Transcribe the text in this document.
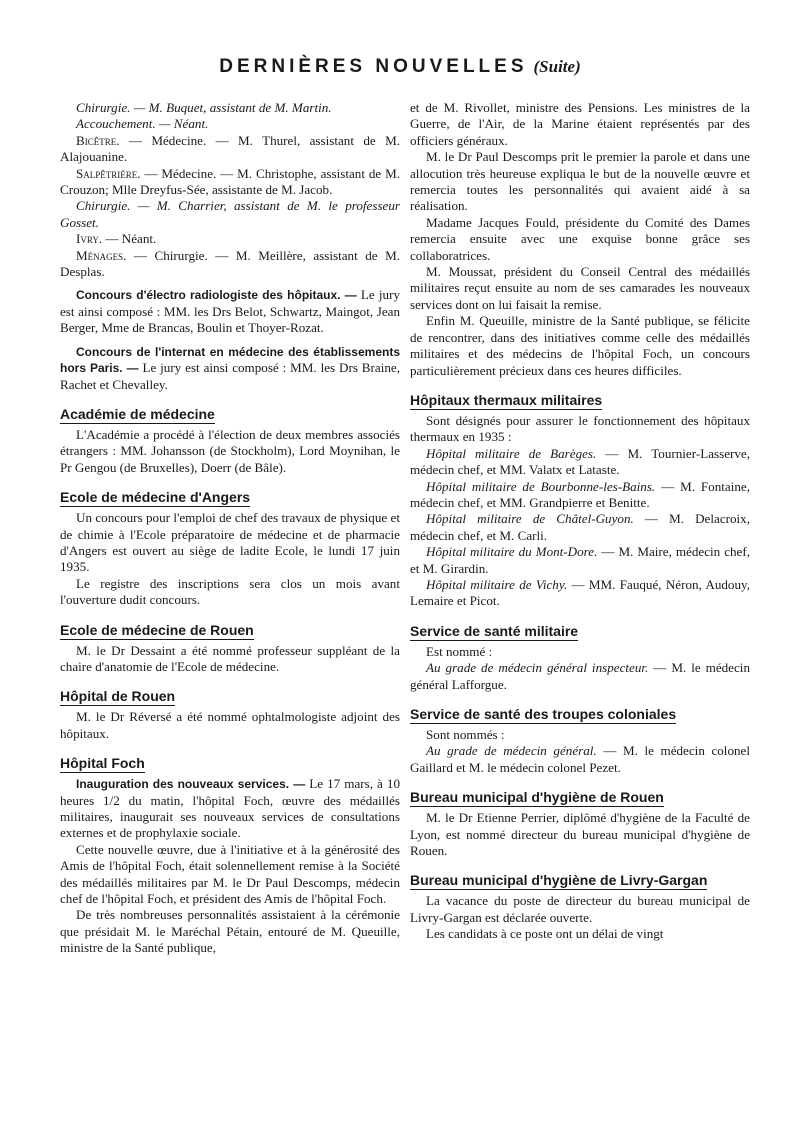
DERNIÈRES NOUVELLES (Suite)

Chirurgie. — M. Buquet, assistant de M. Martin.

Accouchement. — Néant.

Bicêtre. — Médecine. — M. Thurel, assistant de M. Alajouanine.

Salpêtrière. — Médecine. — M. Christophe, assistant de M. Crouzon; Mlle Dreyfus-Sée, assistante de M. Jacob.

Chirurgie. — M. Charrier, assistant de M. le professeur Gosset.

Ivry. — Néant.

Ménages. — Chirurgie. — M. Meillère, assistant de M. Desplas.

Concours d'électro radiologiste des hôpitaux. — Le jury est ainsi composé : MM. les Drs Belot, Schwartz, Maingot, Jean Berger, Mme de Brancas, Boulin et Thoyer-Rozat.

Concours de l'internat en médecine des établissements hors Paris. — Le jury est ainsi composé : MM. les Drs Braine, Rachet et Chevalley.

Académie de médecine

L'Académie a procédé à l'élection de deux membres associés étrangers : MM. Johansson (de Stockholm), Lord Moynihan, le Pr Gengou (de Bruxelles), Doerr (de Bâle).

Ecole de médecine d'Angers

Un concours pour l'emploi de chef des travaux de physique et de chimie à l'Ecole préparatoire de médecine et de pharmacie d'Angers est ouvert au siège de ladite Ecole, le lundi 17 juin 1935.

Le registre des inscriptions sera clos un mois avant l'ouverture dudit concours.

Ecole de médecine de Rouen

M. le Dr Dessaint a été nommé professeur suppléant de la chaire d'anatomie de l'Ecole de médecine.

Hôpital de Rouen

M. le Dr Réversé a été nommé ophtalmologiste adjoint des hôpitaux.

Hôpital Foch

Inauguration des nouveaux services. — Le 17 mars, à 10 heures 1/2 du matin, l'hôpital Foch, œuvre des médaillés militaires, inaugurait ses nouveaux services de consultations externes et de prophylaxie sociale.

Cette nouvelle œuvre, due à l'initiative et à la générosité des Amis de l'hôpital Foch, était solennellement remise à la Société des médaillés militaires par M. le Dr Paul Descomps, médecin chef de l'hôpital Foch, et président des Amis de l'hôpital Foch.

De très nombreuses personnalités assistaient à la cérémonie que présidait M. le Maréchal Pétain, entouré de M. Queuille, ministre de la Santé publique,

et de M. Rivollet, ministre des Pensions. Les ministres de la Guerre, de l'Air, de la Marine étaient représentés par des officiers généraux.

M. le Dr Paul Descomps prit le premier la parole et dans une allocution très heureuse expliqua le but de la nouvelle œuvre et remercia toutes les personnalités qui avaient aidé à sa réalisation.

Madame Jacques Fould, présidente du Comité des Dames remercia ensuite avec une exquise bonne grâce ses collaboratrices.

M. Moussat, président du Conseil Central des médaillés militaires reçut ensuite au nom de ses camarades les nouveaux services dont on lui faisait la remise.

Enfin M. Queuille, ministre de la Santé publique, se félicite de rencontrer, dans des initiatives comme celle des médaillés militaires et des médecins de l'hôpital Foch, un concours particulièrement précieux dans ces heures difficiles.

Hôpitaux thermaux militaires

Sont désignés pour assurer le fonctionnement des hôpitaux thermaux en 1935 :

Hôpital militaire de Barèges. — M. Tournier-Lasserve, médecin chef, et MM. Valatx et Lataste.

Hôpital militaire de Bourbonne-les-Bains. — M. Fontaine, médecin chef, et MM. Grandpierre et Benitte.

Hôpital militaire de Châtel-Guyon. — M. Delacroix, médecin chef, et M. Carli.

Hôpital militaire du Mont-Dore. — M. Maire, médecin chef, et M. Girardin.

Hôpital militaire de Vichy. — MM. Fauqué, Néron, Audouy, Lemaire et Picot.

Service de santé militaire

Est nommé :

Au grade de médecin général inspecteur. — M. le médecin général Lafforgue.

Service de santé des troupes coloniales

Sont nommés :

Au grade de médecin général. — M. le médecin colonel Gaillard et M. le médecin colonel Pezet.

Bureau municipal d'hygiène de Rouen

M. le Dr Etienne Perrier, diplômé d'hygiène de la Faculté de Lyon, est nommé directeur du bureau municipal d'hygiène de Rouen.

Bureau municipal d'hygiène de Livry-Gargan

La vacance du poste de directeur du bureau municipal de Livry-Gargan est déclarée ouverte.

Les candidats à ce poste ont un délai de vingt
